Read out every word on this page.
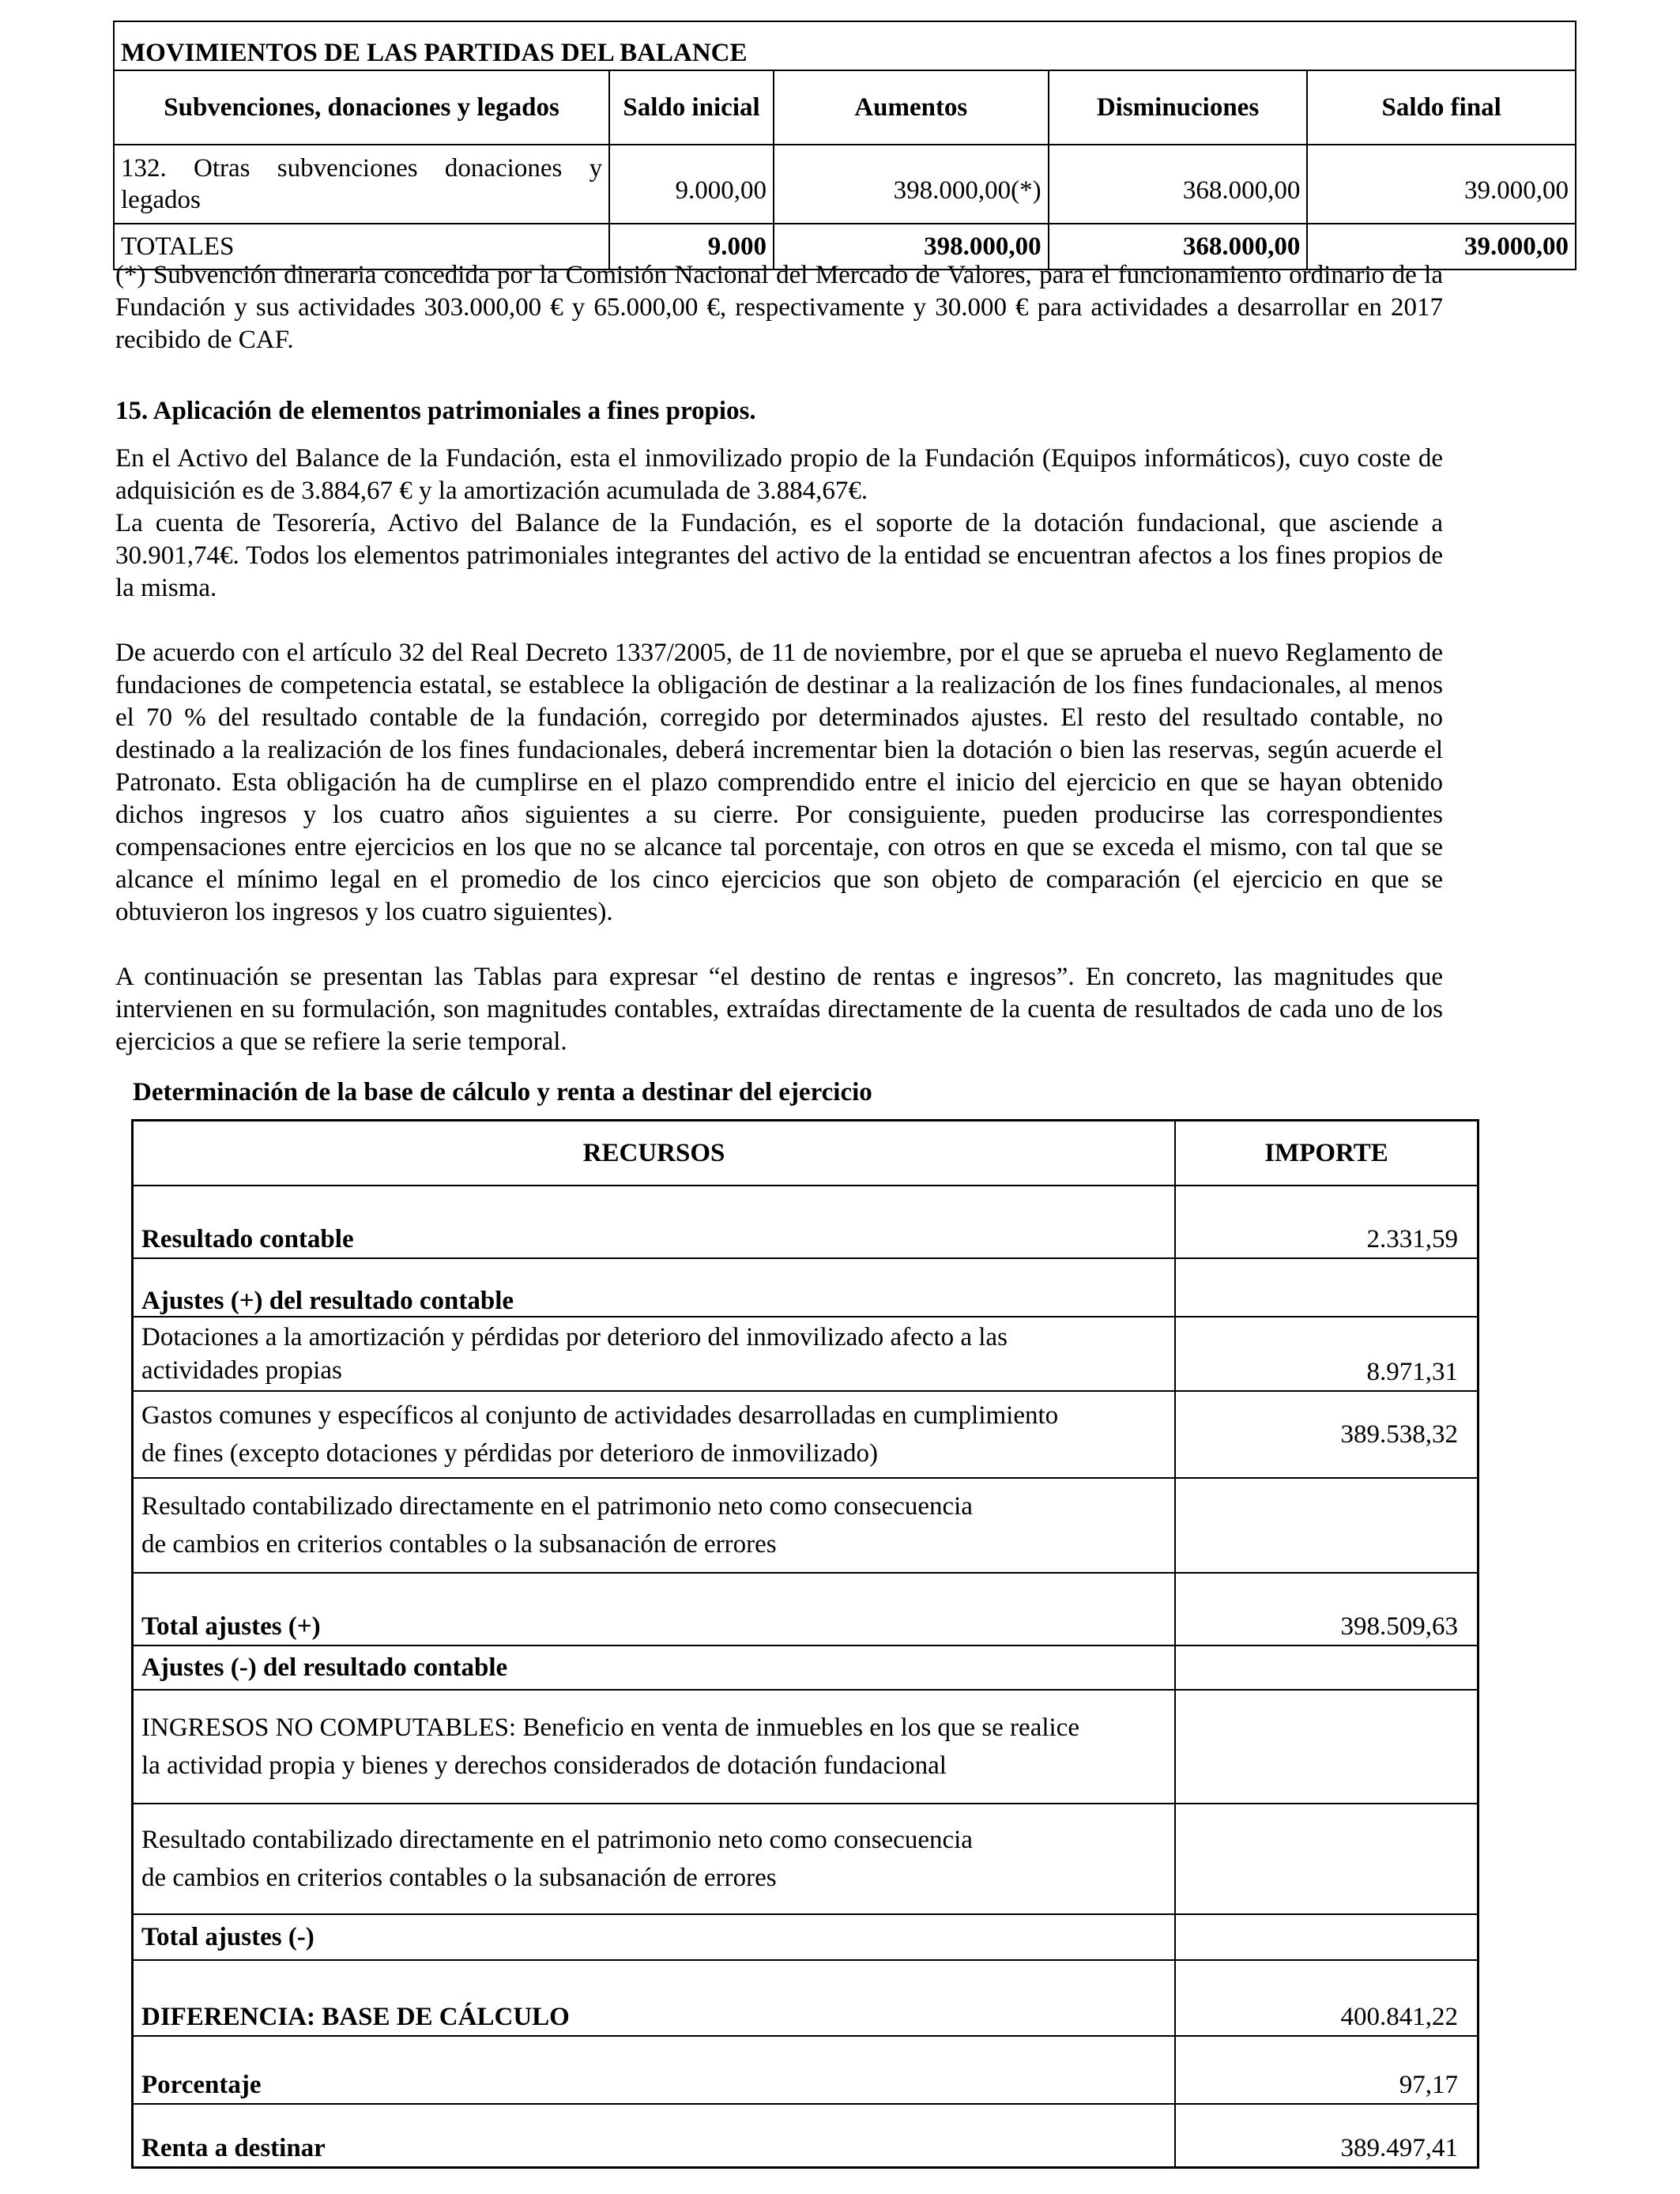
MOVIMIENTOS DE LAS PARTIDAS DEL BALANCE				
Subvenciones, donaciones y legados	Saldo inicial	Aumentos	Disminuciones	Saldo final
132. Otras subvenciones donaciones y
legados	9.000,00	398.000,00(*)	368.000,00	39.000,00
TOTALES	9.000	398.000,00	368.000,00	39.000,00

(*) Subvención dineraria concedida por la Comisión Nacional del Mercado de Valores, para el funcionamiento ordinario de la Fundación y sus actividades 303.000,00 € y 65.000,00 €, respectivamente y 30.000 € para actividades a desarrollar en 2017 recibido de CAF.

15. Aplicación de elementos patrimoniales a fines propios.

En el Activo del Balance de la Fundación, esta el inmovilizado propio de la Fundación (Equipos informáticos), cuyo coste de adquisición es de 3.884,67 € y la amortización acumulada de 3.884,67€.

La cuenta de Tesorería, Activo del Balance de la Fundación, es el soporte de la dotación fundacional, que asciende a 30.901,74€. Todos los elementos patrimoniales integrantes del activo de la entidad se encuentran afectos a los fines propios de la misma.

De acuerdo con el artículo 32 del Real Decreto 1337/2005, de 11 de noviembre, por el que se aprueba el nuevo Reglamento de fundaciones de competencia estatal, se establece la obligación de destinar a la realización de los fines fundacionales, al menos el 70 % del resultado contable de la fundación, corregido por determinados ajustes. El resto del resultado contable, no destinado a la realización de los fines fundacionales, deberá incrementar bien la dotación o bien las reservas, según acuerde el Patronato. Esta obligación ha de cumplirse en el plazo comprendido entre el inicio del ejercicio en que se hayan obtenido dichos ingresos y los cuatro años siguientes a su cierre. Por consiguiente, pueden producirse las correspondientes compensaciones entre ejercicios en los que no se alcance tal porcentaje, con otros en que se exceda el mismo, con tal que se alcance el mínimo legal en el promedio de los cinco ejercicios que son objeto de comparación (el ejercicio en que se obtuvieron los ingresos y los cuatro siguientes).

A continuación se presentan las Tablas para expresar “el destino de rentas e ingresos”. En concreto, las magnitudes que intervienen en su formulación, son magnitudes contables, extraídas directamente de la cuenta de resultados de cada uno de los ejercicios a que se refiere la serie temporal.

Determinación de la base de cálculo y renta a destinar del ejercicio
RECURSOS	IMPORTE
Resultado contable	2.331,59
Ajustes (+) del resultado contable	

Dotaciones a la amortización y pérdidas por deterioro del inmovilizado afecto a las
actividades propias	8.971,31

Gastos comunes y específicos al conjunto de actividades desarrolladas en cumplimiento
de fines (excepto dotaciones y pérdidas por deterioro de inmovilizado)	389.538,32

Resultado contabilizado directamente en el patrimonio neto como consecuencia
de cambios en criterios contables o la subsanación de errores	

Total ajustes (+)	398.509,63
Ajustes (-) del resultado contable	

INGRESOS NO COMPUTABLES: Beneficio en venta de inmuebles en los que se realice
la actividad propia y bienes y derechos considerados de dotación fundacional	

Resultado contabilizado directamente en el patrimonio neto como consecuencia
de cambios en criterios contables o la subsanación de errores	

Total ajustes (-)	
DIFERENCIA: BASE DE CÁLCULO	400.841,22
Porcentaje	97,17
Renta a destinar	389.497,41
